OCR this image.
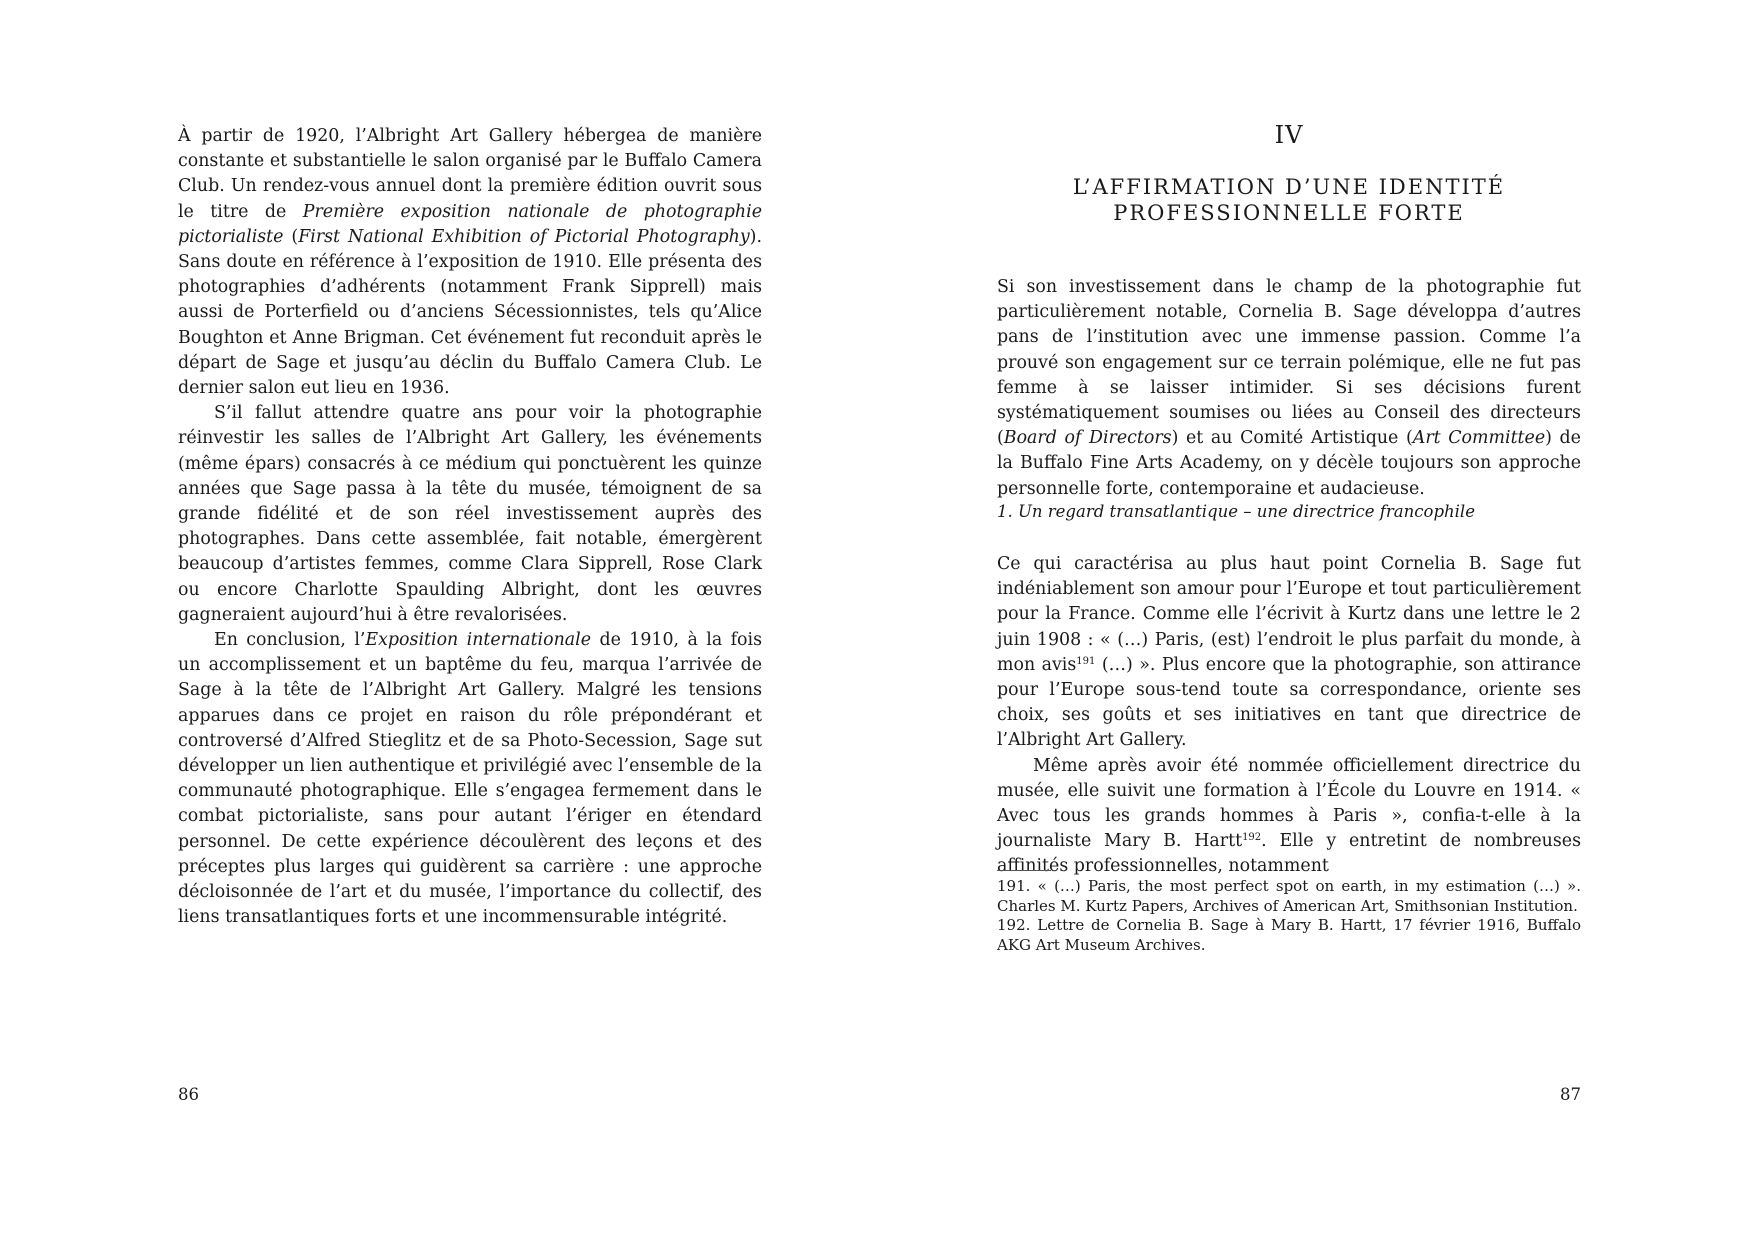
À partir de 1920, l’Albright Art Gallery hébergea de manière constante et substantielle le salon organisé par le Buffalo Camera Club. Un rendez-vous annuel dont la première édition ouvrit sous le titre de Première exposition nationale de photographie pictorialiste (First National Exhibition of Pictorial Photography). Sans doute en référence à l’exposition de 1910. Elle présenta des photographies d’adhérents (notamment Frank Sipprell) mais aussi de Porterfield ou d’anciens Sécessionnistes, tels qu’Alice Boughton et Anne Brigman. Cet événement fut reconduit après le départ de Sage et jusqu’au déclin du Buffalo Camera Club. Le dernier salon eut lieu en 1936.

S’il fallut attendre quatre ans pour voir la photographie réinvestir les salles de l’Albright Art Gallery, les événements (même épars) consacrés à ce médium qui ponctuèrent les quinze années que Sage passa à la tête du musée, témoignent de sa grande fidélité et de son réel investissement auprès des photographes. Dans cette assemblée, fait notable, émergèrent beaucoup d’artistes femmes, comme Clara Sipprell, Rose Clark ou encore Charlotte Spaulding Albright, dont les œuvres gagneraient aujourd’hui à être revalorisées.

En conclusion, l’Exposition internationale de 1910, à la fois un accomplissement et un baptême du feu, marqua l’arrivée de Sage à la tête de l’Albright Art Gallery. Malgré les tensions apparues dans ce projet en raison du rôle prépondérant et controversé d’Alfred Stieglitz et de sa Photo-Secession, Sage sut développer un lien authentique et privilégié avec l’ensemble de la communauté photographique. Elle s’engagea fermement dans le combat pictorialiste, sans pour autant l’ériger en étendard personnel. De cette expérience découlèrent des leçons et des préceptes plus larges qui guidèrent sa carrière : une approche décloisonnée de l’art et du musée, l’importance du collectif, des liens transatlantiques forts et une incommensurable intégrité.

86
IV
L’AFFIRMATION D’UNE IDENTITÉ
PROFESSIONNELLE FORTE

Si son investissement dans le champ de la photographie fut particulièrement notable, Cornelia B. Sage développa d’autres pans de l’institution avec une immense passion. Comme l’a prouvé son engagement sur ce terrain polémique, elle ne fut pas femme à se laisser intimider. Si ses décisions furent systématiquement soumises ou liées au Conseil des directeurs (Board of Directors) et au Comité Artistique (Art Committee) de la Buffalo Fine Arts Academy, on y décèle toujours son approche personnelle forte, contemporaine et audacieuse.

1. Un regard transatlantique – une directrice francophile

Ce qui caractérisa au plus haut point Cornelia B. Sage fut indéniablement son amour pour l’Europe et tout particulièrement pour la France. Comme elle l’écrivit à Kurtz dans une lettre le 2 juin 1908 : « (…) Paris, (est) l’endroit le plus parfait du monde, à mon avis$^{191}$ (…) ». Plus encore que la photographie, son attirance pour l’Europe sous-tend toute sa correspondance, oriente ses choix, ses goûts et ses initiatives en tant que directrice de l’Albright Art Gallery.

Même après avoir été nommée officiellement directrice du musée, elle suivit une formation à l’École du Louvre en 1914. « Avec tous les grands hommes à Paris », confia-t-elle à la journaliste Mary B. Hartt$^{192}$. Elle y entretint de nombreuses affinités professionnelles, notamment

191. « (…) Paris, the most perfect spot on earth, in my estimation (…) ». Charles M. Kurtz Papers, Archives of American Art, Smithsonian Institution.

192. Lettre de Cornelia B. Sage à Mary B. Hartt, 17 février 1916, Buffalo AKG Art Museum Archives.

87
